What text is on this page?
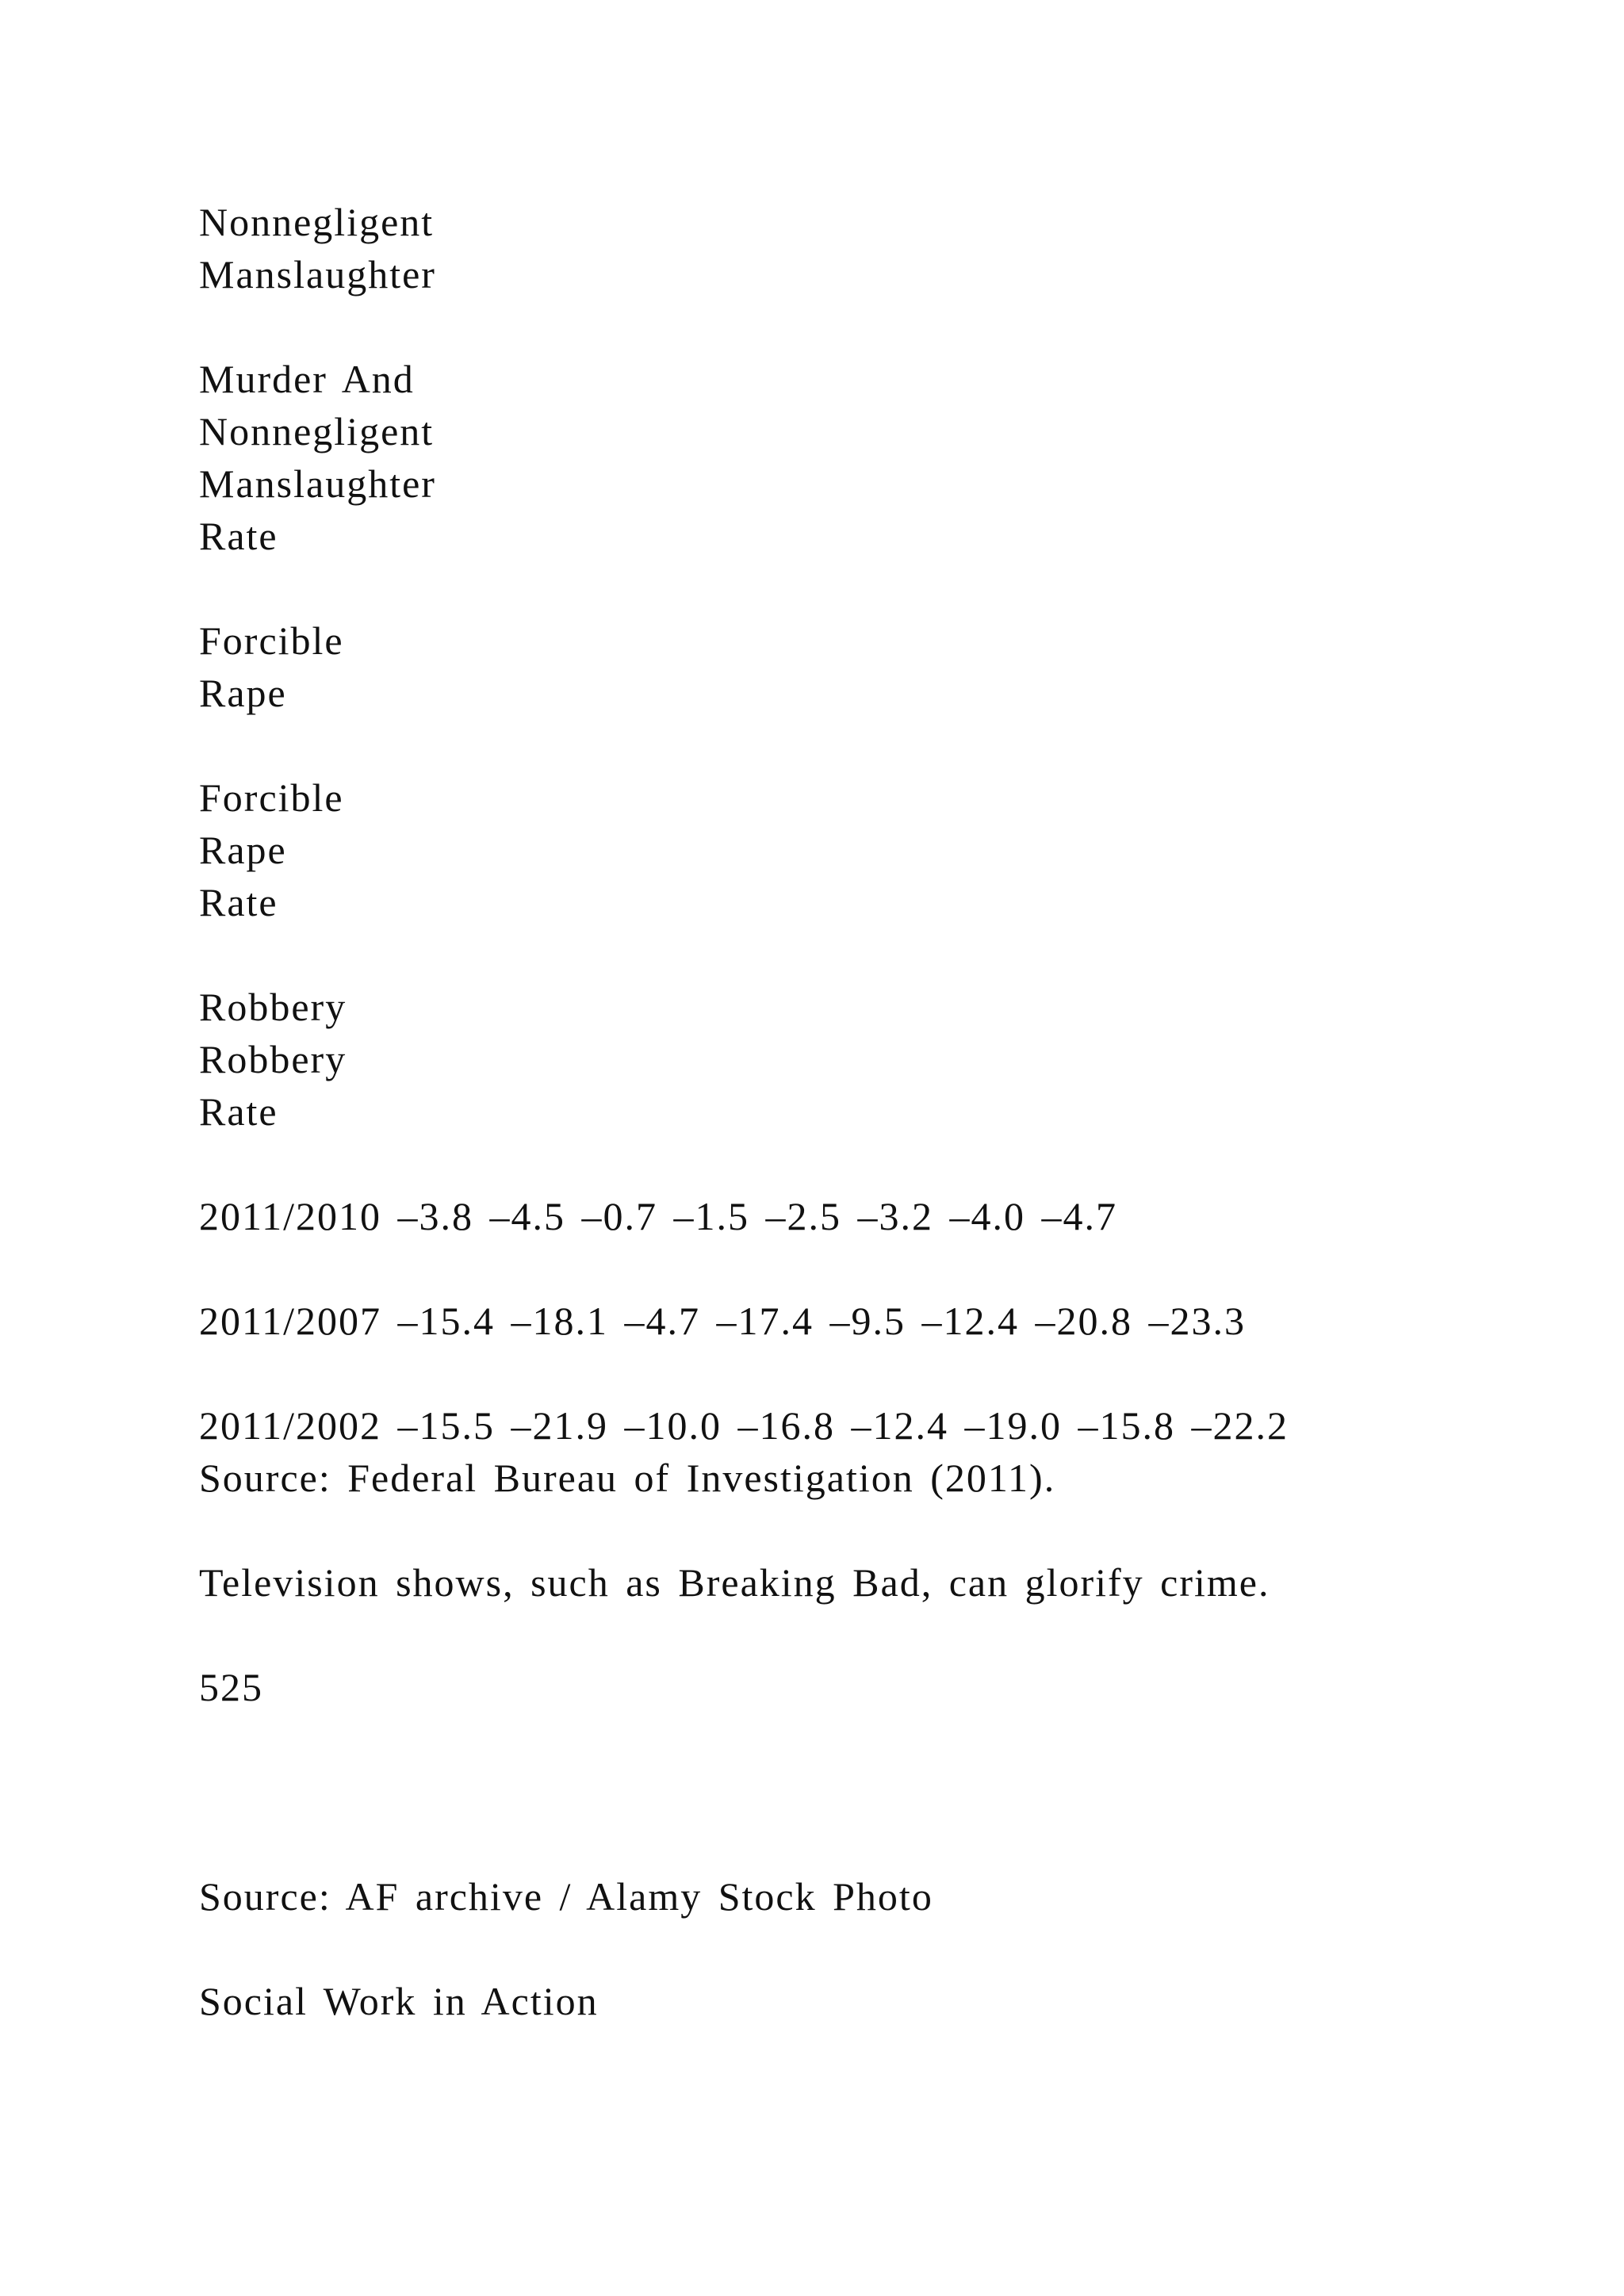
Nonnegligent
Manslaughter
Murder And
Nonnegligent
Manslaughter
Rate
Forcible
Rape
Forcible
Rape
Rate
Robbery
Robbery
Rate
2011/2010 –3.8 –4.5 –0.7 –1.5 –2.5 –3.2 –4.0 –4.7
2011/2007 –15.4 –18.1 –4.7 –17.4 –9.5 –12.4 –20.8 –23.3
2011/2002 –15.5 –21.9 –10.0 –16.8 –12.4 –19.0 –15.8 –22.2
Source: Federal Bureau of Investigation (2011).
Television shows, such as Breaking Bad, can glorify crime.
525
Source: AF archive / Alamy Stock Photo
Social Work in Action
